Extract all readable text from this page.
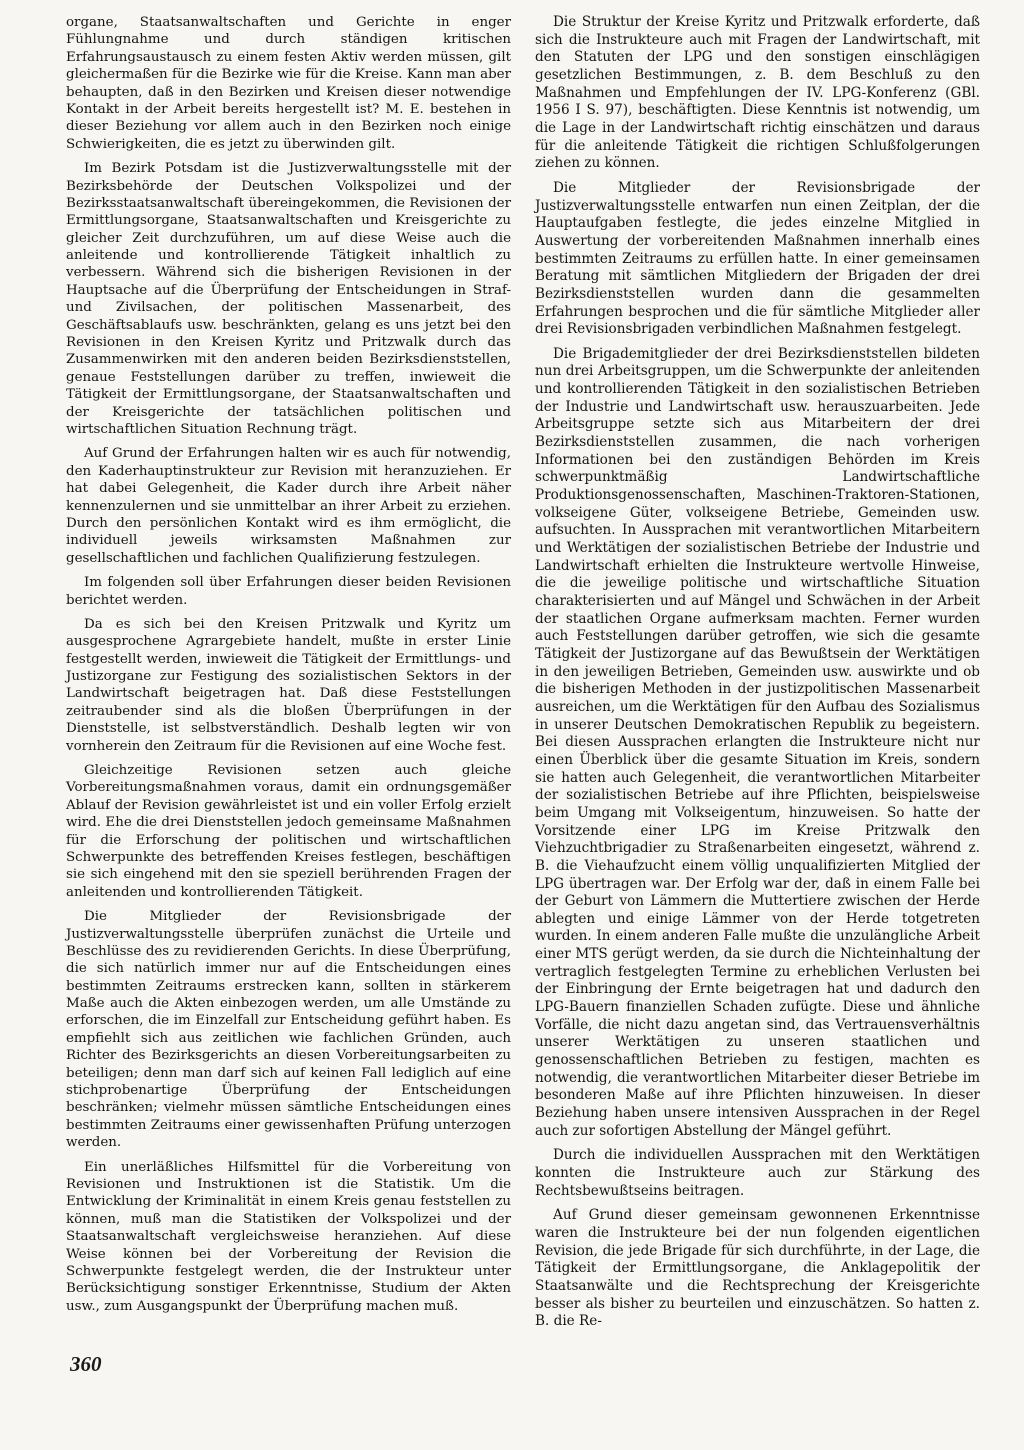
organe, Staatsanwaltschaften und Gerichte in enger Fühlungnahme und durch ständigen kritischen Erfahrungsaustausch zu einem festen Aktiv werden müssen, gilt gleichermaßen für die Bezirke wie für die Kreise. Kann man aber behaupten, daß in den Bezirken und Kreisen dieser notwendige Kontakt in der Arbeit bereits hergestellt ist? M. E. bestehen in dieser Beziehung vor allem auch in den Bezirken noch einige Schwierigkeiten, die es jetzt zu überwinden gilt.

Im Bezirk Potsdam ist die Justizverwaltungsstelle mit der Bezirksbehörde der Deutschen Volkspolizei und der Bezirksstaatsanwaltschaft übereingekommen, die Revisionen der Ermittlungsorgane, Staatsanwaltschaften und Kreisgerichte zu gleicher Zeit durchzuführen, um auf diese Weise auch die anleitende und kontrollierende Tätigkeit inhaltlich zu verbessern. Während sich die bisherigen Revisionen in der Hauptsache auf die Überprüfung der Entscheidungen in Straf- und Zivilsachen, der politischen Massenarbeit, des Geschäftsablaufs usw. beschränkten, gelang es uns jetzt bei den Revisionen in den Kreisen Kyritz und Pritzwalk durch das Zusammenwirken mit den anderen beiden Bezirksdienststellen, genaue Feststellungen darüber zu treffen, inwieweit die Tätigkeit der Ermittlungsorgane, der Staatsanwaltschaften und der Kreisgerichte der tatsächlichen politischen und wirtschaftlichen Situation Rechnung trägt.

Auf Grund der Erfahrungen halten wir es auch für notwendig, den Kaderhauptinstrukteur zur Revision mit heranzuziehen. Er hat dabei Gelegenheit, die Kader durch ihre Arbeit näher kennenzulernen und sie unmittelbar an ihrer Arbeit zu erziehen. Durch den persönlichen Kontakt wird es ihm ermöglicht, die individuell jeweils wirksamsten Maßnahmen zur gesellschaftlichen und fachlichen Qualifizierung festzulegen.

Im folgenden soll über Erfahrungen dieser beiden Revisionen berichtet werden.

Da es sich bei den Kreisen Pritzwalk und Kyritz um ausgesprochene Agrargebiete handelt, mußte in erster Linie festgestellt werden, inwieweit die Tätigkeit der Ermittlungs- und Justizorgane zur Festigung des sozialistischen Sektors in der Landwirtschaft beigetragen hat. Daß diese Feststellungen zeitraubender sind als die bloßen Überprüfungen in der Dienststelle, ist selbstverständlich. Deshalb legten wir von vornherein den Zeitraum für die Revisionen auf eine Woche fest.

Gleichzeitige Revisionen setzen auch gleiche Vorbereitungsmaßnahmen voraus, damit ein ordnungsgemäßer Ablauf der Revision gewährleistet ist und ein voller Erfolg erzielt wird. Ehe die drei Dienststellen jedoch gemeinsame Maßnahmen für die Erforschung der politischen und wirtschaftlichen Schwerpunkte des betreffenden Kreises festlegen, beschäftigen sie sich eingehend mit den sie speziell berührenden Fragen der anleitenden und kontrollierenden Tätigkeit.

Die Mitglieder der Revisionsbrigade der Justizverwaltungsstelle überprüfen zunächst die Urteile und Beschlüsse des zu revidierenden Gerichts. In diese Überprüfung, die sich natürlich immer nur auf die Entscheidungen eines bestimmten Zeitraums erstrecken kann, sollten in stärkerem Maße auch die Akten einbezogen werden, um alle Umstände zu erforschen, die im Einzelfall zur Entscheidung geführt haben. Es empfiehlt sich aus zeitlichen wie fachlichen Gründen, auch Richter des Bezirksgerichts an diesen Vorbereitungsarbeiten zu beteiligen; denn man darf sich auf keinen Fall lediglich auf eine stichprobenartige Überprüfung der Entscheidungen beschränken; vielmehr müssen sämtliche Entscheidungen eines bestimmten Zeitraums einer gewissenhaften Prüfung unterzogen werden.

Ein unerläßliches Hilfsmittel für die Vorbereitung von Revisionen und Instruktionen ist die Statistik. Um die Entwicklung der Kriminalität in einem Kreis genau feststellen zu können, muß man die Statistiken der Volkspolizei und der Staatsanwaltschaft vergleichsweise heranziehen. Auf diese Weise können bei der Vorbereitung der Revision die Schwerpunkte festgelegt werden, die der Instrukteur unter Berücksichtigung sonstiger Erkenntnisse, Studium der Akten usw., zum Ausgangspunkt der Überprüfung machen muß.

Die Struktur der Kreise Kyritz und Pritzwalk erforderte, daß sich die Instrukteure auch mit Fragen der Landwirtschaft, mit den Statuten der LPG und den sonstigen einschlägigen gesetzlichen Bestimmungen, z. B. dem Beschluß zu den Maßnahmen und Empfehlungen der IV. LPG-Konferenz (GBl. 1956 I S. 97), beschäftigten. Diese Kenntnis ist notwendig, um die Lage in der Landwirtschaft richtig einschätzen und daraus für die anleitende Tätigkeit die richtigen Schlußfolgerungen ziehen zu können.

Die Mitglieder der Revisionsbrigade der Justizverwaltungsstelle entwarfen nun einen Zeitplan, der die Hauptaufgaben festlegte, die jedes einzelne Mitglied in Auswertung der vorbereitenden Maßnahmen innerhalb eines bestimmten Zeitraums zu erfüllen hatte. In einer gemeinsamen Beratung mit sämtlichen Mitgliedern der Brigaden der drei Bezirksdienststellen wurden dann die gesammelten Erfahrungen besprochen und die für sämtliche Mitglieder aller drei Revisionsbrigaden verbindlichen Maßnahmen festgelegt.

Die Brigademitglieder der drei Bezirksdienststellen bildeten nun drei Arbeitsgruppen, um die Schwerpunkte der anleitenden und kontrollierenden Tätigkeit in den sozialistischen Betrieben der Industrie und Landwirtschaft usw. herauszuarbeiten. Jede Arbeitsgruppe setzte sich aus Mitarbeitern der drei Bezirksdienststellen zusammen, die nach vorherigen Informationen bei den zuständigen Behörden im Kreis schwerpunktmäßig Landwirtschaftliche Produktionsgenossenschaften, Maschinen-Traktoren-Stationen, volkseigene Güter, volkseigene Betriebe, Gemeinden usw. aufsuchten. In Aussprachen mit verantwortlichen Mitarbeitern und Werktätigen der sozialistischen Betriebe der Industrie und Landwirtschaft erhielten die Instrukteure wertvolle Hinweise, die die jeweilige politische und wirtschaftliche Situation charakterisierten und auf Mängel und Schwächen in der Arbeit der staatlichen Organe aufmerksam machten. Ferner wurden auch Feststellungen darüber getroffen, wie sich die gesamte Tätigkeit der Justizorgane auf das Bewußtsein der Werktätigen in den jeweiligen Betrieben, Gemeinden usw. auswirkte und ob die bisherigen Methoden in der justizpolitischen Massenarbeit ausreichen, um die Werktätigen für den Aufbau des Sozialismus in unserer Deutschen Demokratischen Republik zu begeistern. Bei diesen Aussprachen erlangten die Instrukteure nicht nur einen Überblick über die gesamte Situation im Kreis, sondern sie hatten auch Gelegenheit, die verantwortlichen Mitarbeiter der sozialistischen Betriebe auf ihre Pflichten, beispielsweise beim Umgang mit Volkseigentum, hinzuweisen. So hatte der Vorsitzende einer LPG im Kreise Pritzwalk den Viehzuchtbrigadier zu Straßenarbeiten eingesetzt, während z. B. die Viehaufzucht einem völlig unqualifizierten Mitglied der LPG übertragen war. Der Erfolg war der, daß in einem Falle bei der Geburt von Lämmern die Muttertiere zwischen der Herde ablegten und einige Lämmer von der Herde totgetreten wurden. In einem anderen Falle mußte die unzulängliche Arbeit einer MTS gerügt werden, da sie durch die Nichteinhaltung der vertraglich festgelegten Termine zu erheblichen Verlusten bei der Einbringung der Ernte beigetragen hat und dadurch den LPG-Bauern finanziellen Schaden zufügte. Diese und ähnliche Vorfälle, die nicht dazu angetan sind, das Vertrauensverhältnis unserer Werktätigen zu unseren staatlichen und genossenschaftlichen Betrieben zu festigen, machten es notwendig, die verantwortlichen Mitarbeiter dieser Betriebe im besonderen Maße auf ihre Pflichten hinzuweisen. In dieser Beziehung haben unsere intensiven Aussprachen in der Regel auch zur sofortigen Abstellung der Mängel geführt.

Durch die individuellen Aussprachen mit den Werktätigen konnten die Instrukteure auch zur Stärkung des Rechtsbewußtseins beitragen.

Auf Grund dieser gemeinsam gewonnenen Erkenntnisse waren die Instrukteure bei der nun folgenden eigentlichen Revision, die jede Brigade für sich durchführte, in der Lage, die Tätigkeit der Ermittlungsorgane, die Anklagepolitik der Staatsanwälte und die Rechtsprechung der Kreisgerichte besser als bisher zu beurteilen und einzuschätzen. So hatten z. B. die Re-

360
